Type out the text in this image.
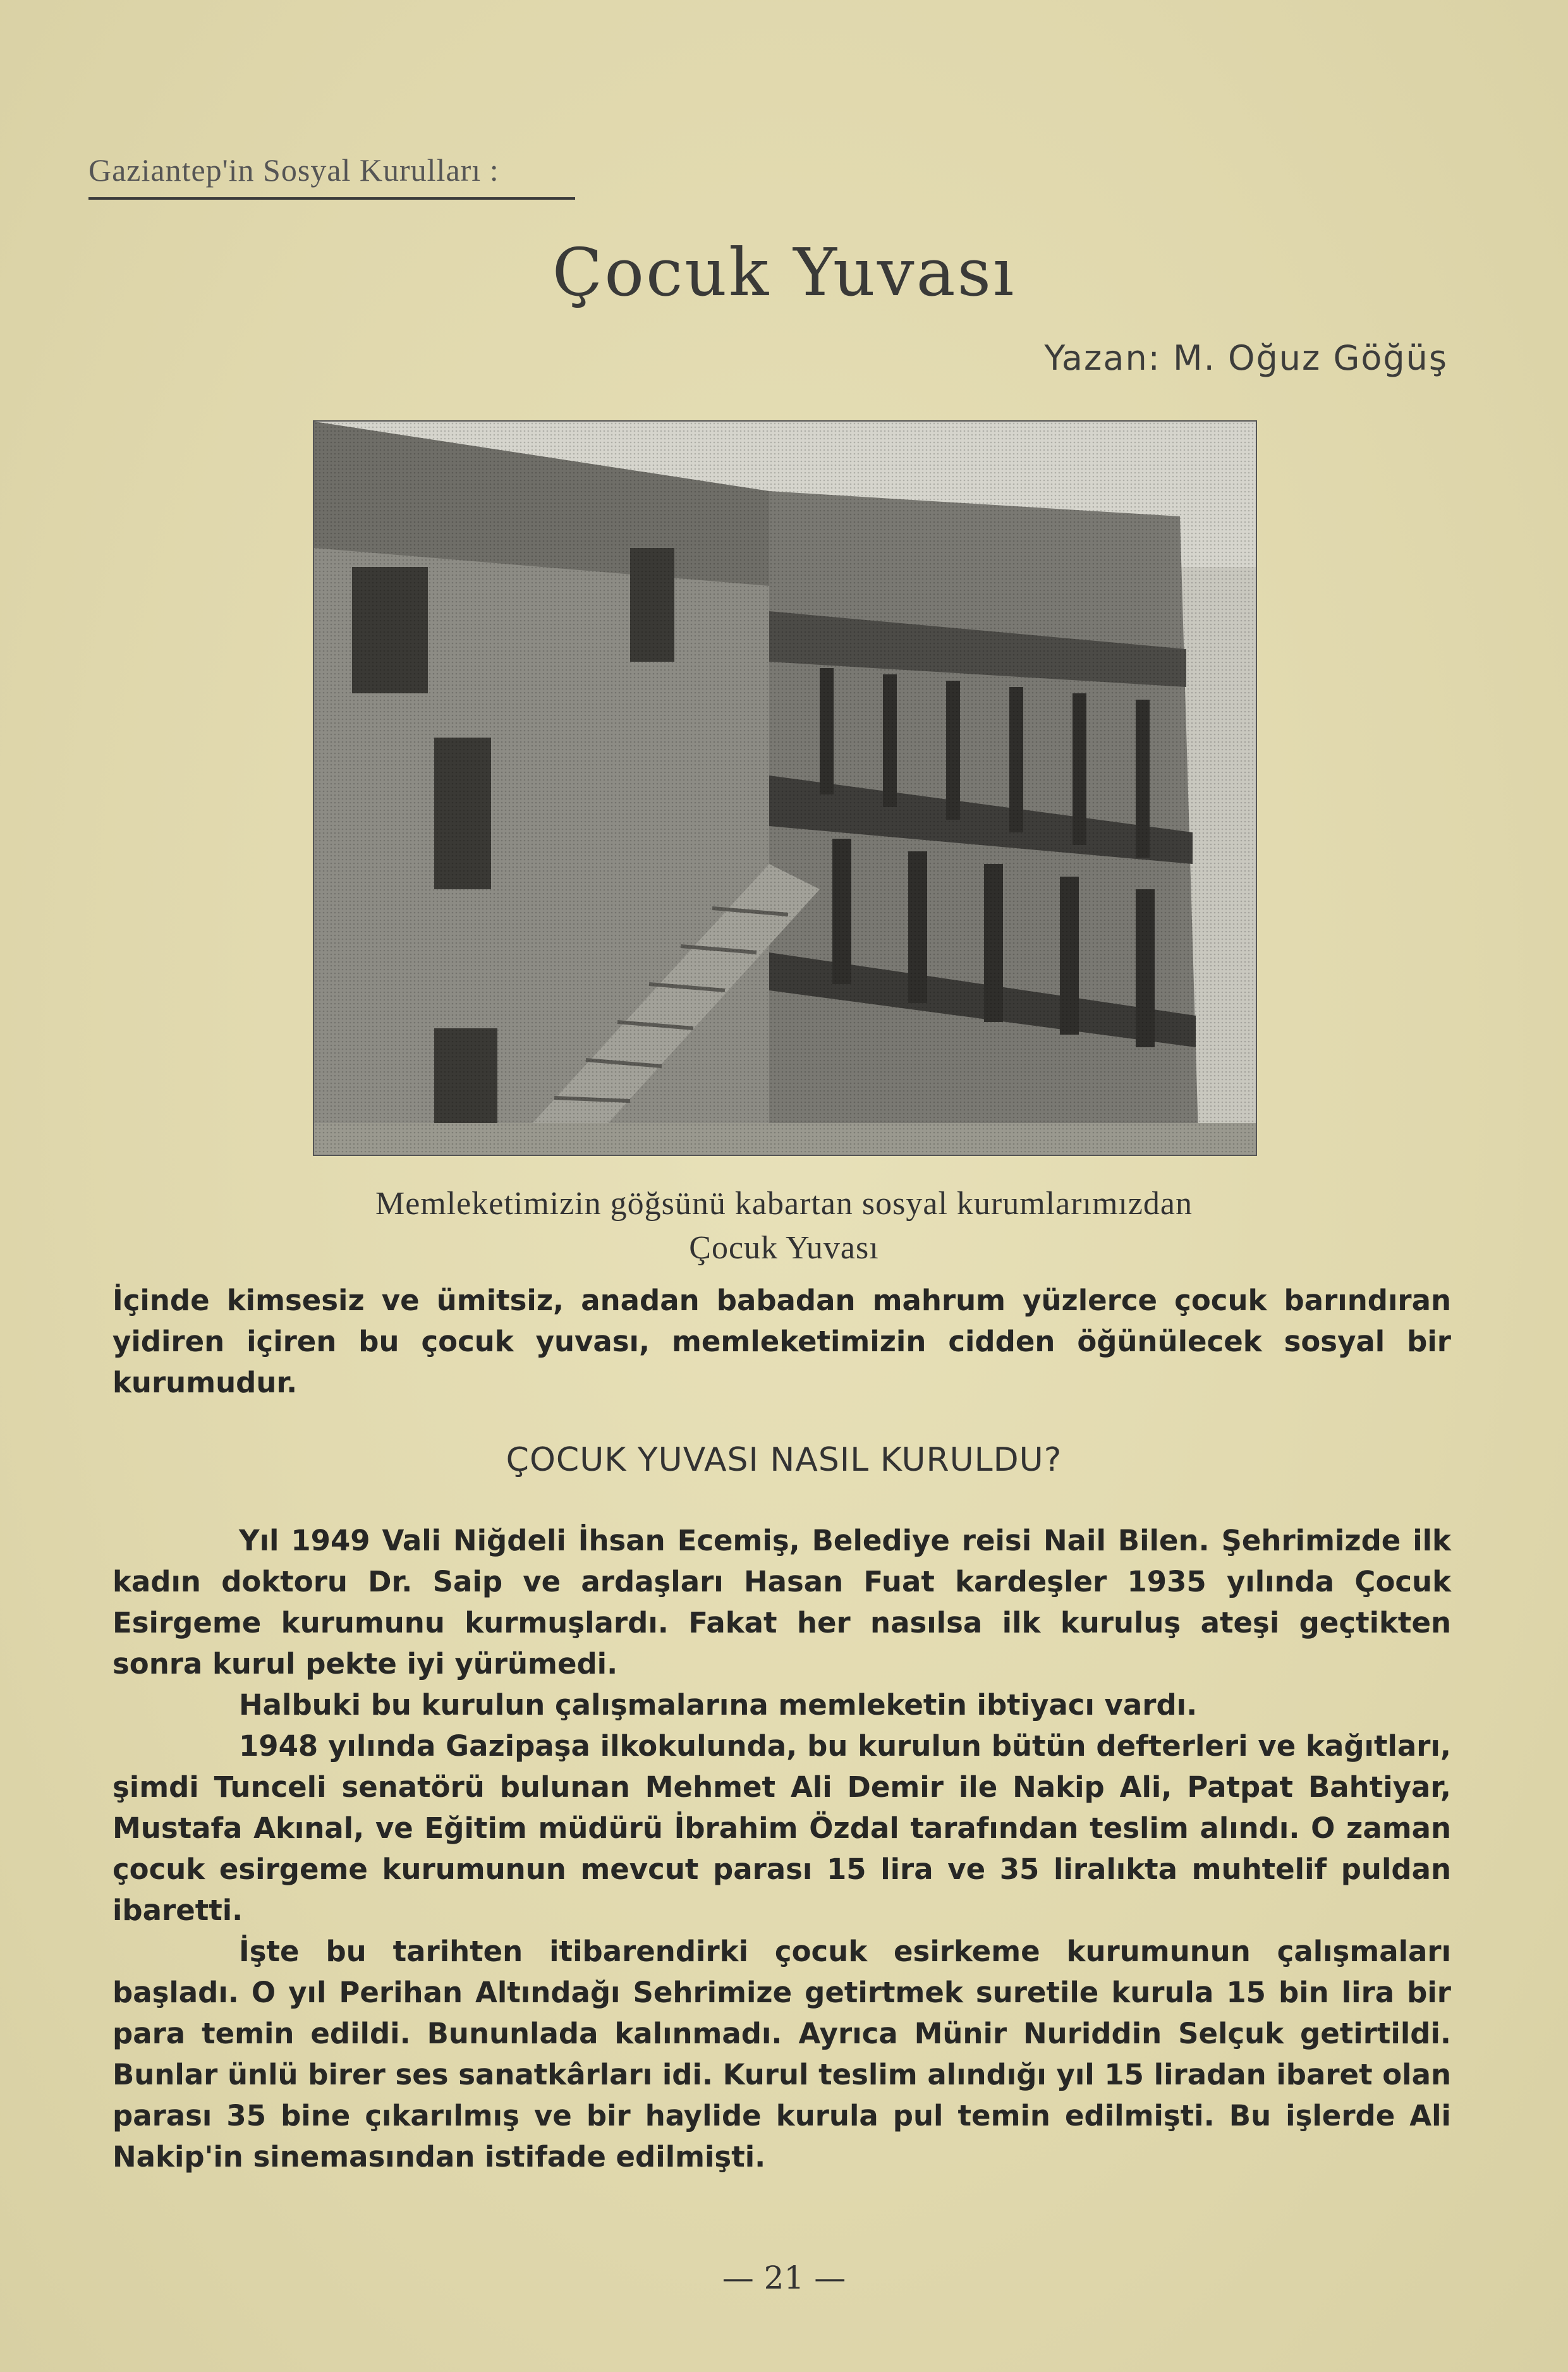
Gaziantep'in Sosyal Kurulları :
Çocuk Yuvası
Yazan: M. Oğuz Göğüş
Memleketimizin göğsünü kabartan sosyal kurumlarımızdan
Çocuk Yuvası
İçinde kimsesiz ve ümitsiz, anadan babadan mahrum yüzlerce çocuk barındıran yidiren içiren bu çocuk yuvası, memleketimizin cidden öğünülecek sosyal bir kurumudur.
ÇOCUK YUVASI NASIL KURULDU?

Yıl 1949 Vali Niğdeli İhsan Ecemiş, Belediye reisi Nail Bilen. Şehrimizde ilk kadın doktoru Dr. Saip ve ardaşları Hasan Fuat kardeşler 1935 yılında Çocuk Esirgeme kurumunu kurmuşlardı. Fakat her nasılsa ilk kuruluş ateşi geçtikten sonra kurul pekte iyi yürümedi.

Halbuki bu kurulun çalışmalarına memleketin ibtiyacı vardı.

1948 yılında Gazipaşa ilkokulunda, bu kurulun bütün defterleri ve kağıtları, şimdi Tunceli senatörü bulunan Mehmet Ali Demir ile Nakip Ali, Patpat Bahtiyar, Mustafa Akınal, ve Eğitim müdürü İbrahim Özdal tarafından teslim alındı. O zaman çocuk esirgeme kurumunun mevcut parası 15 lira ve 35 liralıkta muhtelif puldan ibaretti.

İşte bu tarihten itibarendirki çocuk esirkeme kurumunun çalışmaları başladı. O yıl Perihan Altındağı Sehrimize getirtmek suretile kurula 15 bin lira bir para temin edildi. Bununlada kalınmadı. Ayrıca Münir Nuriddin Selçuk getirtildi. Bunlar ünlü birer ses sanatkârları idi. Kurul teslim alındığı yıl 15 liradan ibaret olan parası 35 bine çıkarılmış ve bir haylide kurula pul temin edilmişti. Bu işlerde Ali Nakip'in sinemasından istifade edilmişti.

— 21 —
